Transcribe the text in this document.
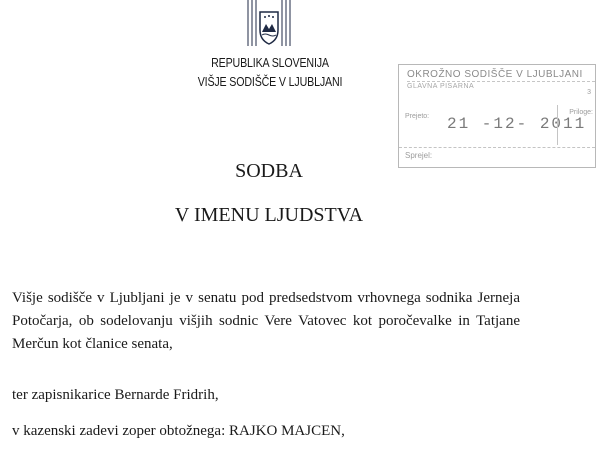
REPUBLIKA SLOVENIJA
VIŠJE SODIŠČE V LJUBLJANI	OKROŽNO SODIŠČE V LJUBLJANI
GLAVNA PISARNA
3
Prejeto: 21 -12- 2011
Priloge:
Sprejel:
SODBA
V IMENU LJUDSTVA

Višje sodišče v Ljubljani je v senatu pod predsedstvom vrhovnega sodnika Jerneja Potočarja, ob sodelovanju višjih sodnic Vere Vatovec kot poročevalke in Tatjane Merčun kot članice senata,

ter zapisnikarice Bernarde Fridrih,

v kazenski zadevi zoper obtožnega: RAJKO MAJCEN,
